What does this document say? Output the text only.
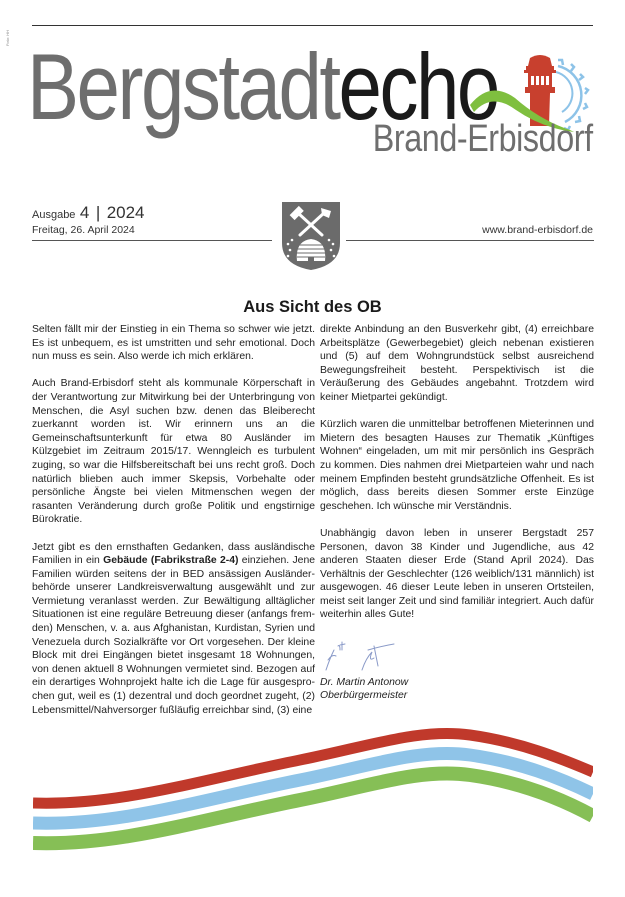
Foto: HH Bergstadtecho
Brand-Erbisdorf
Ausgabe 4 | 2024
Freitag, 26. April 2024	www.brand-erbisdorf.de
Aus Sicht des OB

Selten fällt mir der Einstieg in ein Thema so schwer wie jetzt. Es ist unbequem, es ist umstritten und sehr emotional. Doch nun muss es sein. Also werde ich mich erklären.

Auch Brand-Erbisdorf steht als kommunale Körperschaft in der Verantwortung zur Mitwirkung bei der Unterbringung von Menschen, die Asyl suchen bzw. denen das Bleiberecht zuerkannt worden ist. Wir erinnern uns an die Gemeinschaftsunterkunft für etwa 80 Ausländer im Külzgebiet im Zeitraum 2015/17. Wenngleich es turbulent zuging, so war die Hilfsbereitschaft bei uns recht groß. Doch natürlich blieben auch immer Skepsis, Vorbehalte oder persönliche Ängste bei vielen Mitmenschen wegen der rasanten Veränderung durch große Politik und engstirnige Bürokratie.

Jetzt gibt es den ernsthaften Gedanken, dass ausländische Familien in ein Gebäude (Fabrikstraße 2-4) einziehen. Jene Familien würden seitens der in BED ansässigen Ausländerbehörde unserer Landkreisverwaltung ausgewählt und zur Vermietung veranlasst werden. Zur Bewältigung alltäglicher Situationen ist eine reguläre Betreuung dieser (anfangs fremden) Menschen, v. a. aus Afghanistan, Kurdistan, Syrien und Venezuela durch Sozialkräfte vor Ort vorgesehen. Der kleine Block mit drei Eingängen bietet insgesamt 18 Wohnungen, von denen aktuell 8 Wohnungen vermietet sind. Bezogen auf ein derartiges Wohnprojekt halte ich die Lage für ausgesprochen gut, weil es (1) dezentral und doch geordnet zugeht, (2) Lebensmittel/Nahversorger fußläufig erreichbar sind, (3) eine

direkte Anbindung an den Busverkehr gibt, (4) erreichbare Arbeitsplätze (Gewerbegebiet) gleich nebenan existieren und (5) auf dem Wohngrundstück selbst ausreichend Bewegungsfreiheit besteht. Perspektivisch ist die Veräußerung des Gebäudes angebahnt. Trotzdem wird keiner Mietpartei gekündigt.

Kürzlich waren die unmittelbar betroffenen Mieterinnen und Mietern des besagten Hauses zur Thematik „Künftiges Wohnen“ eingeladen, um mit mir persönlich ins Gespräch zu kommen. Dies nahmen drei Mietparteien wahr und nach meinem Empfinden besteht grundsätzliche Offenheit. Es ist möglich, dass bereits diesen Sommer erste Einzüge geschehen. Ich wünsche mir Verständnis.

Unabhängig davon leben in unserer Bergstadt 257 Personen, davon 38 Kinder und Jugendliche, aus 42 anderen Staaten dieser Erde (Stand April 2024). Das Verhältnis der Geschlechter (126 weiblich/131 männlich) ist ausgewogen. 46 dieser Leute leben in unseren Ortsteilen, meist seit langer Zeit und sind familiär integriert. Auch dafür weiterhin alles Gute!

Dr. Martin Antonow
Oberbürgermeister
